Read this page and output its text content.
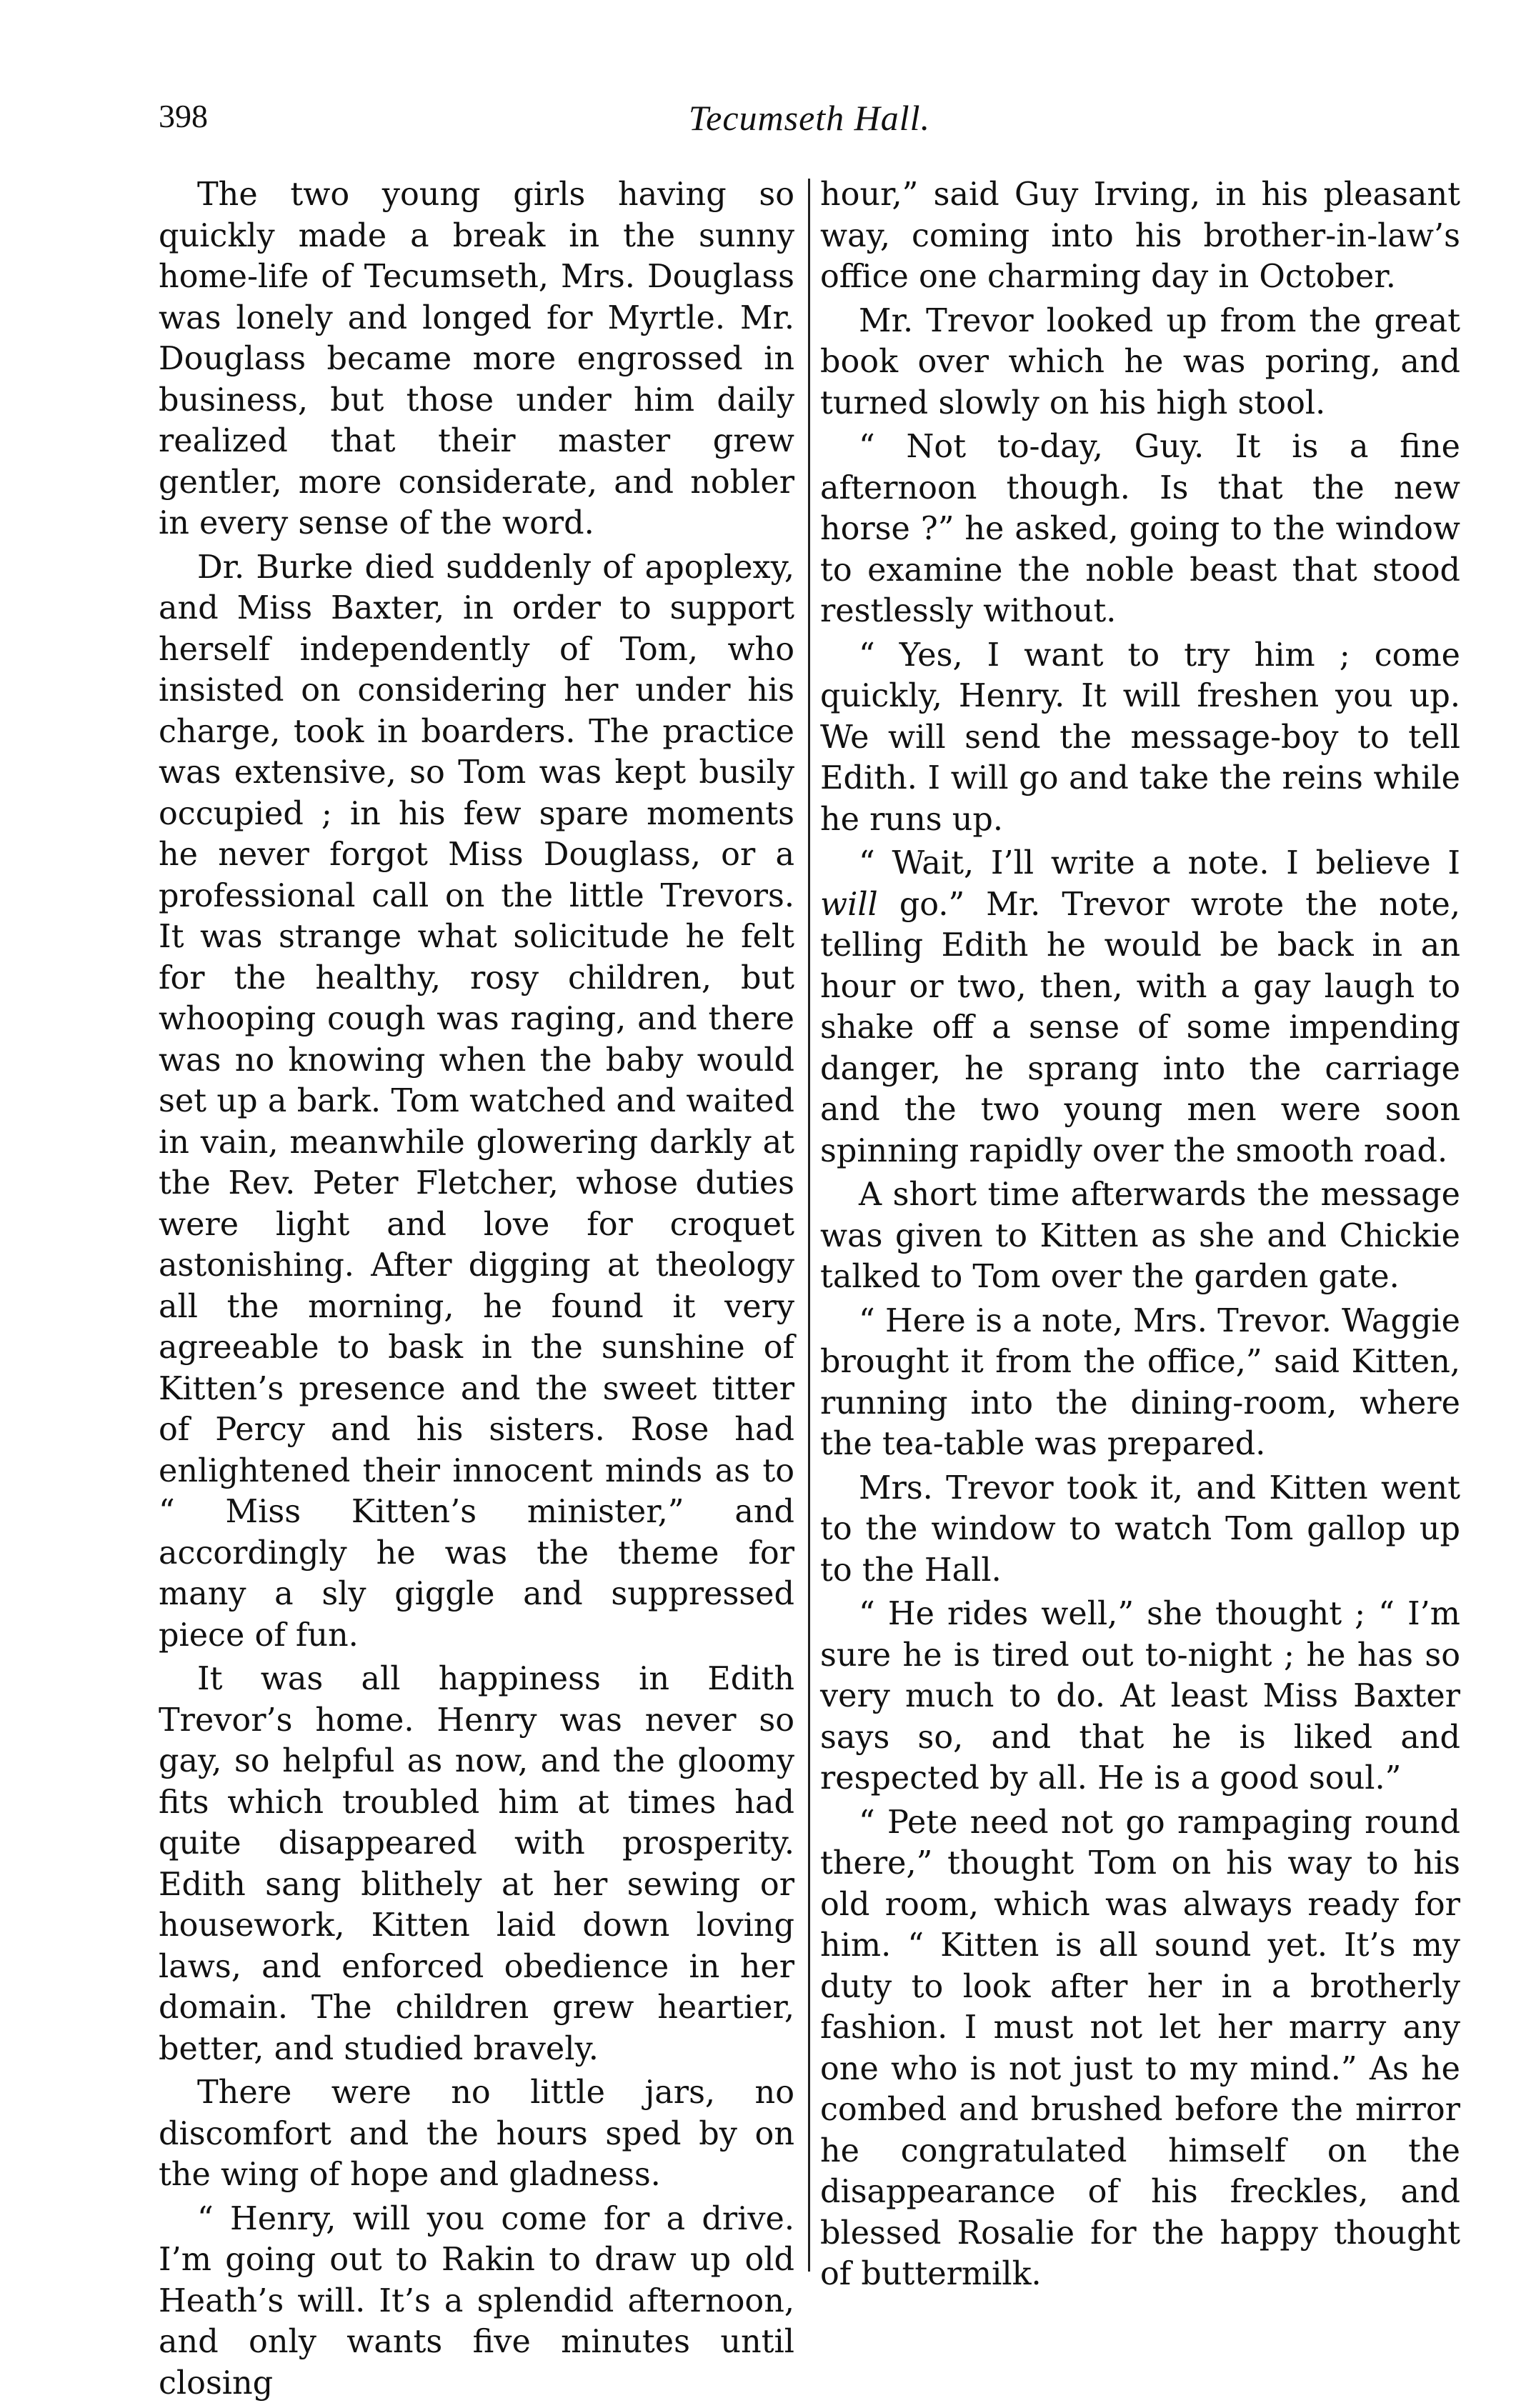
398	Tecumseth Hall.

The two young girls having so quickly made a break in the sunny home-life of Tecumseth, Mrs. Douglass was lonely and longed for Myrtle. Mr. Douglass became more engrossed in business, but those under him daily realized that their master grew gentler, more considerate, and nobler in every sense of the word.

Dr. Burke died suddenly of apoplexy, and Miss Baxter, in order to support herself independently of Tom, who insisted on considering her under his charge, took in boarders. The practice was extensive, so Tom was kept busily occupied ; in his few spare moments he never forgot Miss Douglass, or a professional call on the little Trevors. It was strange what solicitude he felt for the healthy, rosy children, but whooping cough was raging, and there was no knowing when the baby would set up a bark. Tom watched and waited in vain, meanwhile glowering darkly at the Rev. Peter Fletcher, whose duties were light and love for croquet astonishing. After digging at theology all the morning, he found it very agreeable to bask in the sunshine of Kitten’s presence and the sweet titter of Percy and his sisters. Rose had enlightened their innocent minds as to “ Miss Kitten’s minister,” and accordingly he was the theme for many a sly giggle and suppressed piece of fun.

It was all happiness in Edith Trevor’s home. Henry was never so gay, so helpful as now, and the gloomy fits which troubled him at times had quite disappeared with prosperity. Edith sang blithely at her sewing or housework, Kitten laid down loving laws, and enforced obedience in her domain. The children grew heartier, better, and studied bravely.

There were no little jars, no discomfort and the hours sped by on the wing of hope and gladness.

“ Henry, will you come for a drive. I’m going out to Rakin to draw up old Heath’s will. It’s a splendid afternoon, and only wants five minutes until closing

hour,” said Guy Irving, in his pleasant way, coming into his brother-in-law’s office one charming day in October.

Mr. Trevor looked up from the great book over which he was poring, and turned slowly on his high stool.

“ Not to-day, Guy. It is a fine afternoon though. Is that the new horse ?” he asked, going to the window to examine the noble beast that stood restlessly without.

“ Yes, I want to try him ; come quickly, Henry. It will freshen you up. We will send the message-boy to tell Edith. I will go and take the reins while he runs up.

“ Wait, I’ll write a note. I believe I will go.” Mr. Trevor wrote the note, telling Edith he would be back in an hour or two, then, with a gay laugh to shake off a sense of some impending danger, he sprang into the carriage and the two young men were soon spinning rapidly over the smooth road.

A short time afterwards the message was given to Kitten as she and Chickie talked to Tom over the garden gate.

“ Here is a note, Mrs. Trevor. Waggie brought it from the office,” said Kitten, running into the dining-room, where the tea-table was prepared.

Mrs. Trevor took it, and Kitten went to the window to watch Tom gallop up to the Hall.

“ He rides well,” she thought ; “ I’m sure he is tired out to-night ; he has so very much to do. At least Miss Baxter says so, and that he is liked and respected by all. He is a good soul.”

“ Pete need not go rampaging round there,” thought Tom on his way to his old room, which was always ready for him. “ Kitten is all sound yet. It’s my duty to look after her in a brotherly fashion. I must not let her marry any one who is not just to my mind.” As he combed and brushed before the mirror he congratulated himself on the disappearance of his freckles, and blessed Rosalie for the happy thought of buttermilk.
